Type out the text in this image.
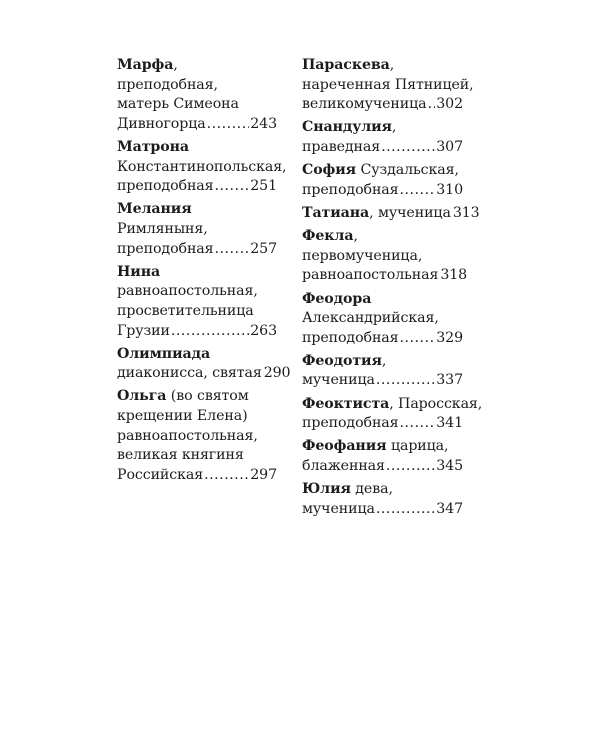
Марфа,
преподобная,
матерь Симеона
Дивногорца .....	243
Матрона
Константинопольская,
преподобная .....	251
Мелания
Римляныня,
преподобная .....	257
Нина
равноапостольная,
просветительница
Грузии .....	263
Олимпиада
диаконисса, святая 290
Ольга (во святом
крещении Елена)
равноапостольная,
великая княгиня
Российская .....	297
Параскева,
нареченная Пятницей,
великомученица ..... 302
Снандулия,
праведная .....	307
София Суздальская,
преподобная .....	310
Татиана, мученица 313
Фекла,
первомученица,
равноапостольная 318
Феодора
Александрийская,
преподобная .....	329
Феодотия,
мученица .....	337
Феоктиста, Паросская,
преподобная .....	341
Феофания царица,
блаженная .....	345
Юлия дева,
мученица .....	347
